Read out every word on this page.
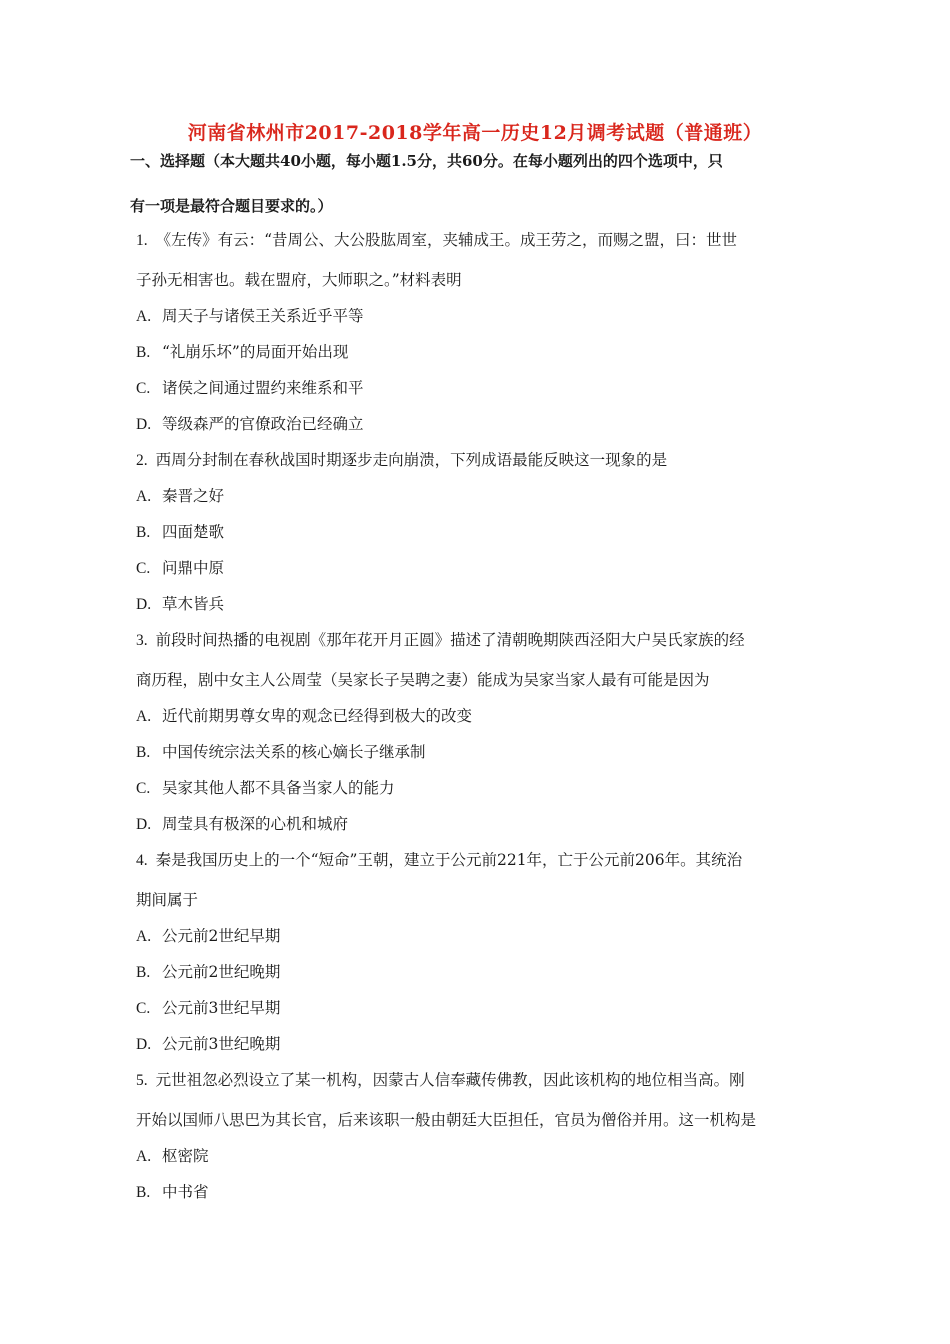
河南省林州市2017-2018学年高一历史12月调考试题（普通班）
一、选择题（本大题共40小题，每小题1.5分，共60分。在每小题列出的四个选项中，只
有一项是最符合题目要求的。）
1. 《左传》有云：“昔周公、大公股肱周室，夹辅成王。成王劳之，而赐之盟，曰：世世
子孙无相害也。载在盟府，大师职之。”材料表明
A. 周天子与诸侯王关系近乎平等
B. “礼崩乐坏”的局面开始出现
C. 诸侯之间通过盟约来维系和平
D. 等级森严的官僚政治已经确立
2. 西周分封制在春秋战国时期逐步走向崩溃，下列成语最能反映这一现象的是
A. 秦晋之好
B. 四面楚歌
C. 问鼎中原
D. 草木皆兵
3. 前段时间热播的电视剧《那年花开月正圆》描述了清朝晚期陕西泾阳大户吴氏家族的经
商历程，剧中女主人公周莹（吴家长子吴聘之妻）能成为吴家当家人最有可能是因为
A. 近代前期男尊女卑的观念已经得到极大的改变
B. 中国传统宗法关系的核心嫡长子继承制
C. 吴家其他人都不具备当家人的能力
D. 周莹具有极深的心机和城府
4. 秦是我国历史上的一个“短命”王朝，建立于公元前221年，亡于公元前206年。其统治
期间属于
A. 公元前2世纪早期
B. 公元前2世纪晚期
C. 公元前3世纪早期
D. 公元前3世纪晚期
5. 元世祖忽必烈设立了某一机构，因蒙古人信奉藏传佛教，因此该机构的地位相当高。刚
开始以国师八思巴为其长官，后来该职一般由朝廷大臣担任，官员为僧俗并用。这一机构是
A. 枢密院
B. 中书省
